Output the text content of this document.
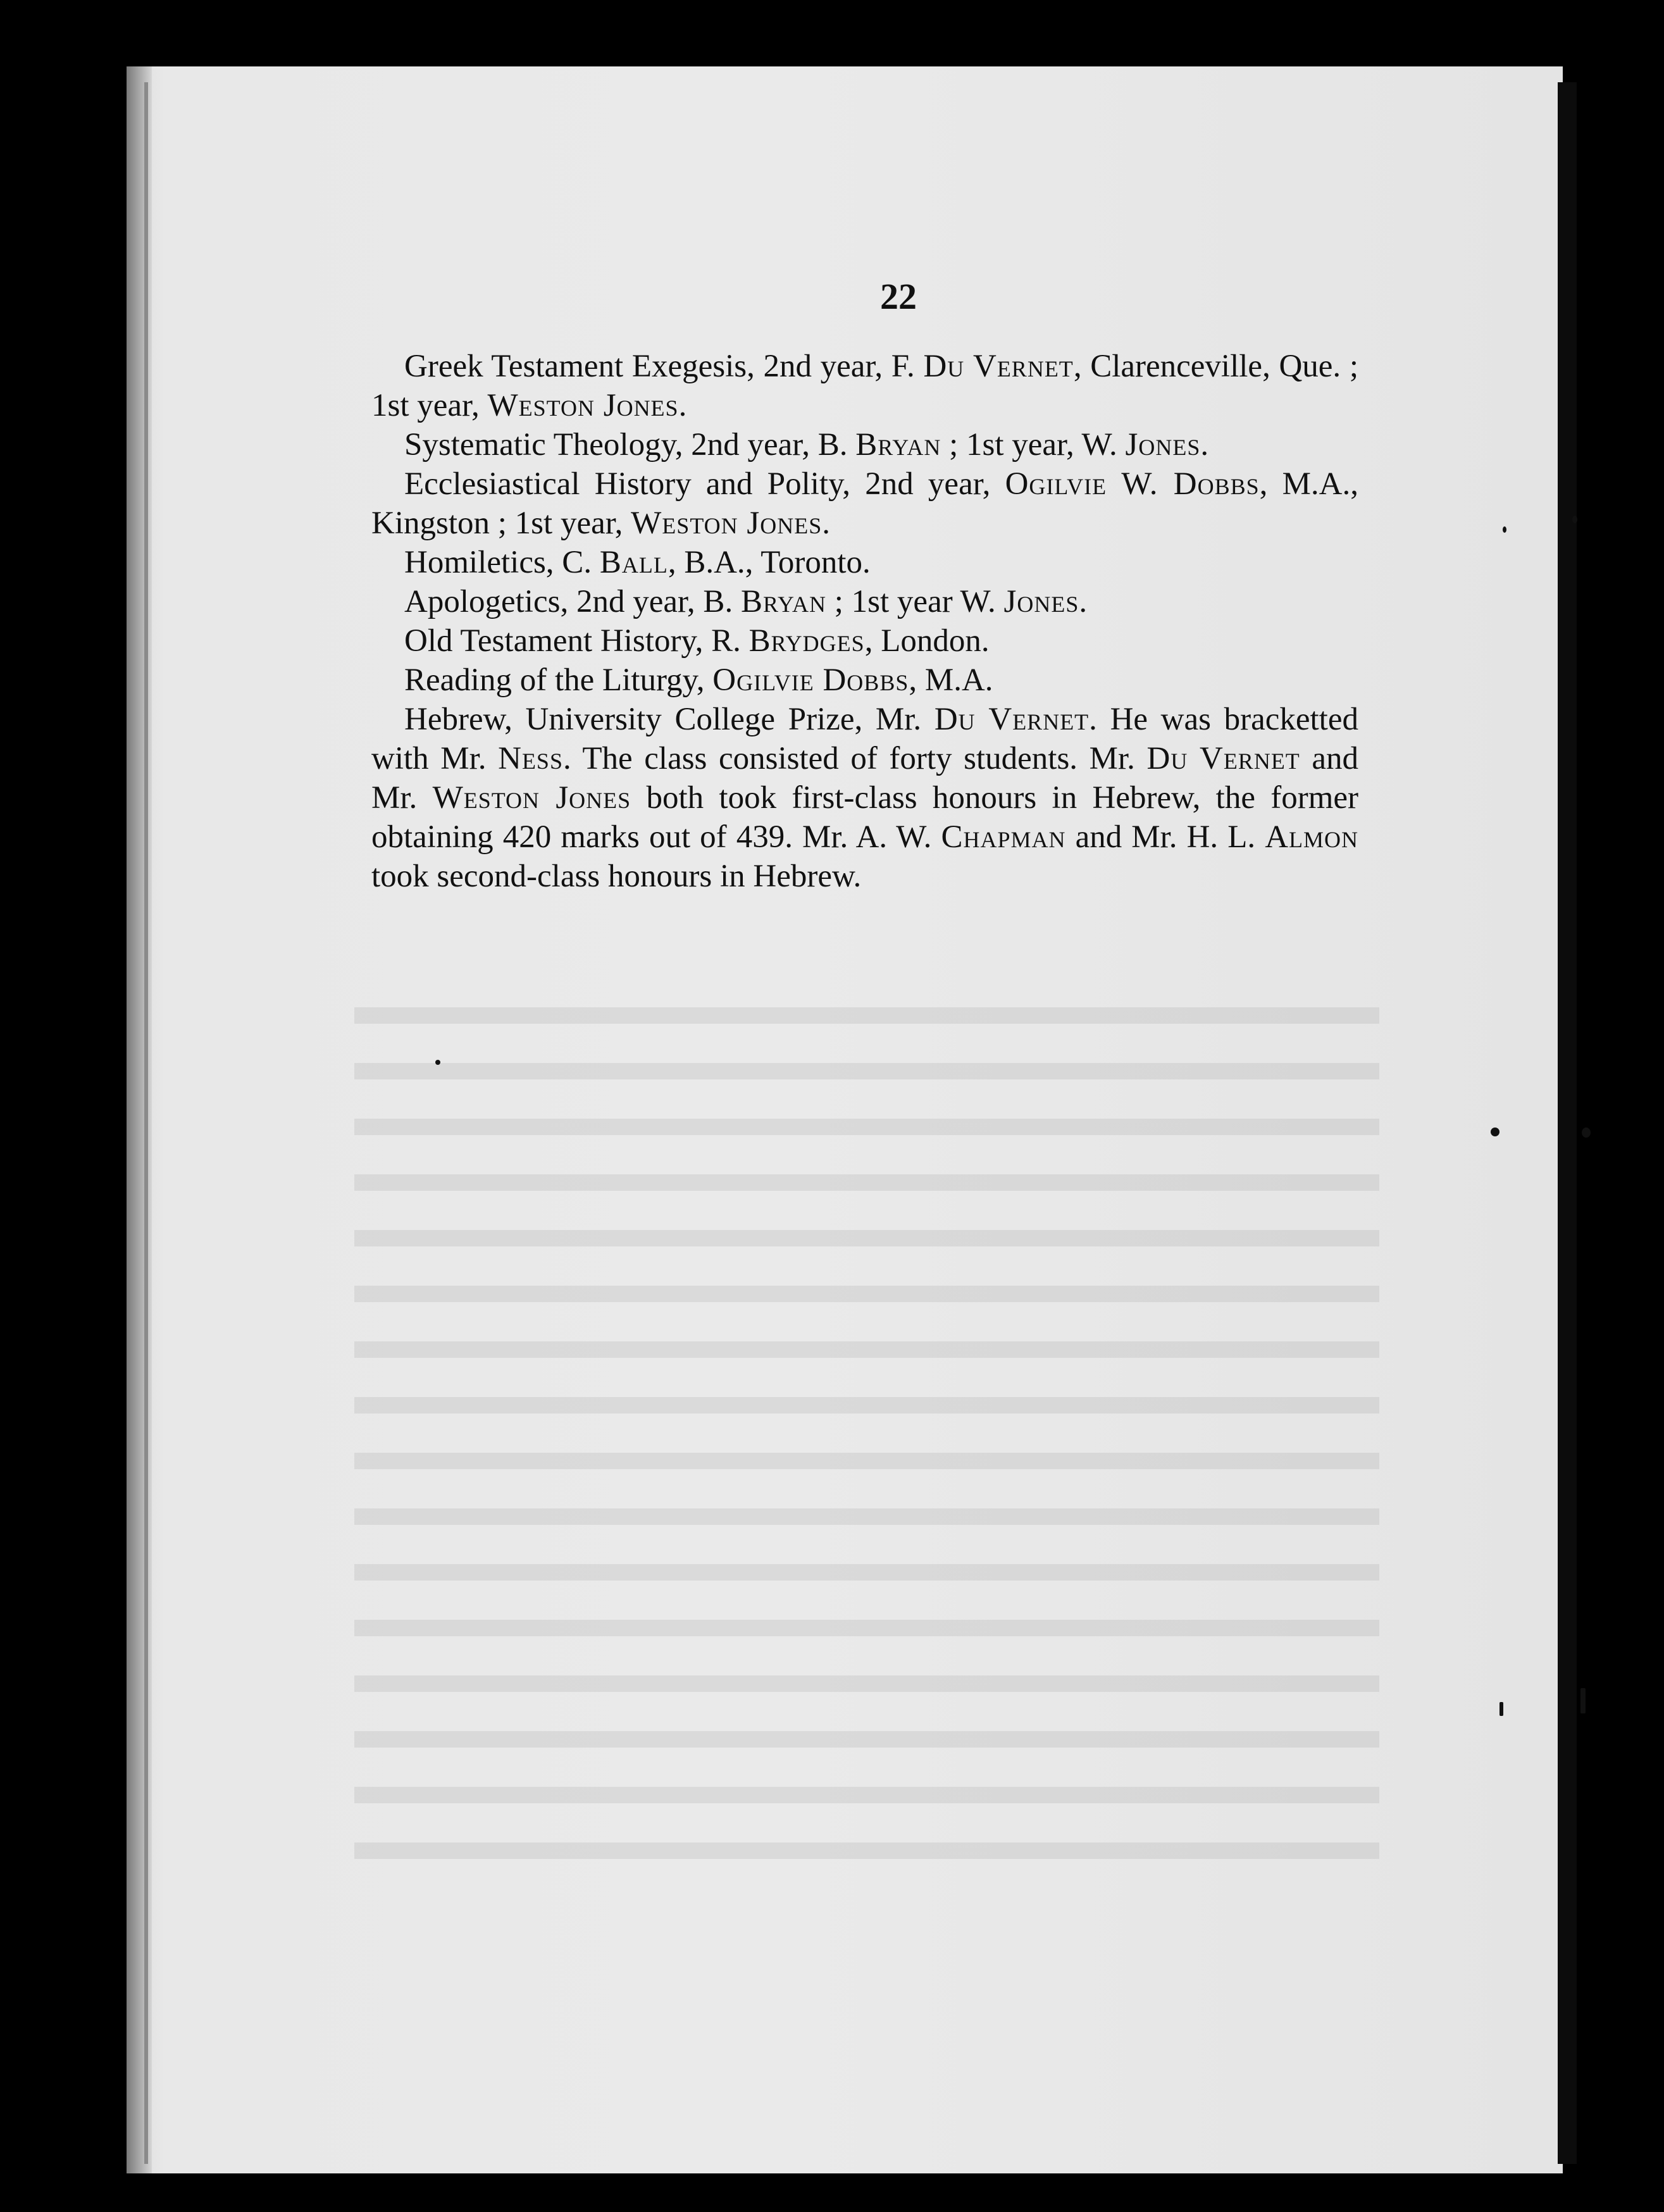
22

Greek Testament Exegesis, 2nd year, F. Du Vernet, Clarenceville, Que. ; 1st year, Weston Jones.

Systematic Theology, 2nd year, B. Bryan ; 1st year, W. Jones.

Ecclesiastical History and Polity, 2nd year, Ogilvie W. Dobbs, M.A., Kingston ; 1st year, Weston Jones.

Homiletics, C. Ball, B.A., Toronto.

Apologetics, 2nd year, B. Bryan ; 1st year W. Jones.

Old Testament History, R. Brydges, London.

Reading of the Liturgy, Ogilvie Dobbs, M.A.

Hebrew, University College Prize, Mr. Du Vernet. He was bracketted with Mr. Ness. The class consisted of forty students. Mr. Du Vernet and Mr. Weston Jones both took first-class honours in Hebrew, the former obtaining 420 marks out of 439. Mr. A. W. Chapman and Mr. H. L. Almon took second-class honours in Hebrew.
